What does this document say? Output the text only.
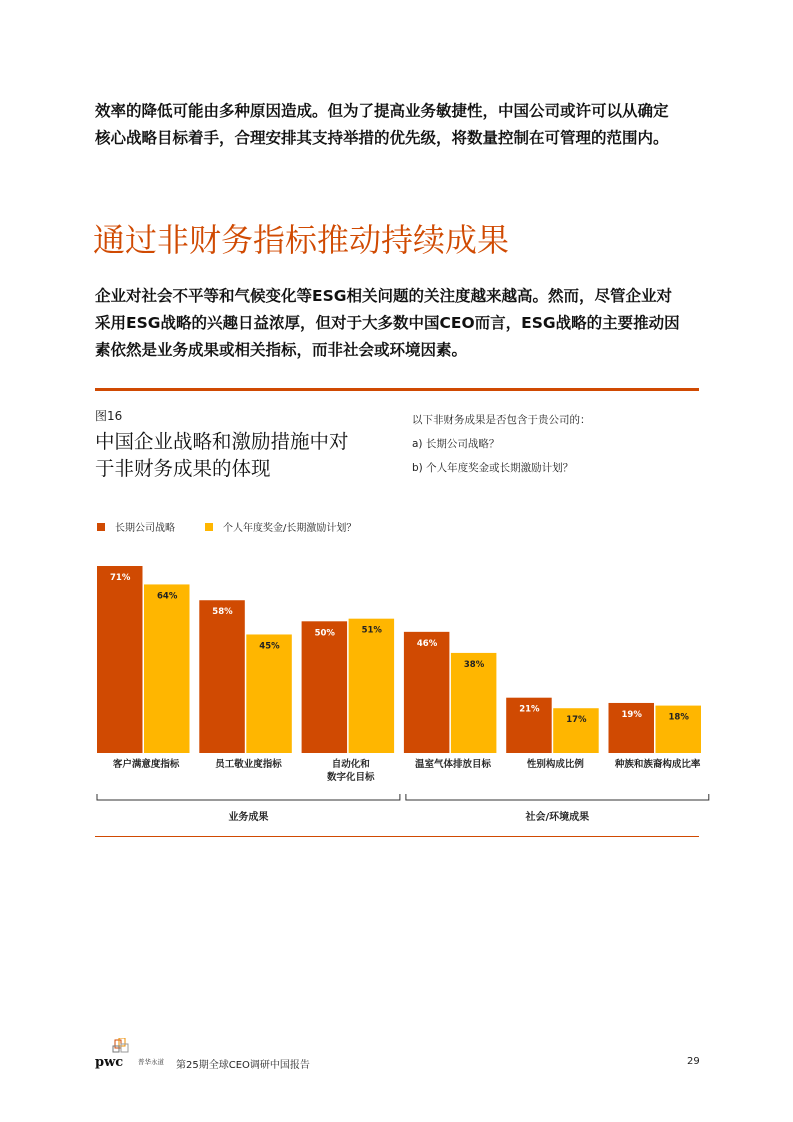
效率的降低可能由多种原因造成。但为了提高业务敏捷性，中国公司或许可以从确定
核心战略目标着手，合理安排其支持举措的优先级，将数量控制在可管理的范围内。
通过非财务指标推动持续成果
企业对社会不平等和气候变化等ESG相关问题的关注度越来越高。然而，尽管企业对
采用ESG战略的兴趣日益浓厚，但对于大多数中国CEO而言，ESG战略的主要推动因
素依然是业务成果或相关指标，而非社会或环境因素。
图16
中国企业战略和激励措施中对
于非财务成果的体现
以下非财务成果是否包含于贵公司的：
a) 长期公司战略？
b) 个人年度奖金或长期激励计划？
长期公司战略	个人年度奖金/长期激励计划？
71%
64%
客户满意度指标
58%
45%
员工敬业度指标
50%	51%
自动化和
数字化目标
46%
38%
温室气体排放目标
21%
17%
性别构成比例
19%	18%
种族和族裔构成比率
业务成果	社会/环境成果
pwc 普华永道 第25期全球CEO调研中国报告	29
